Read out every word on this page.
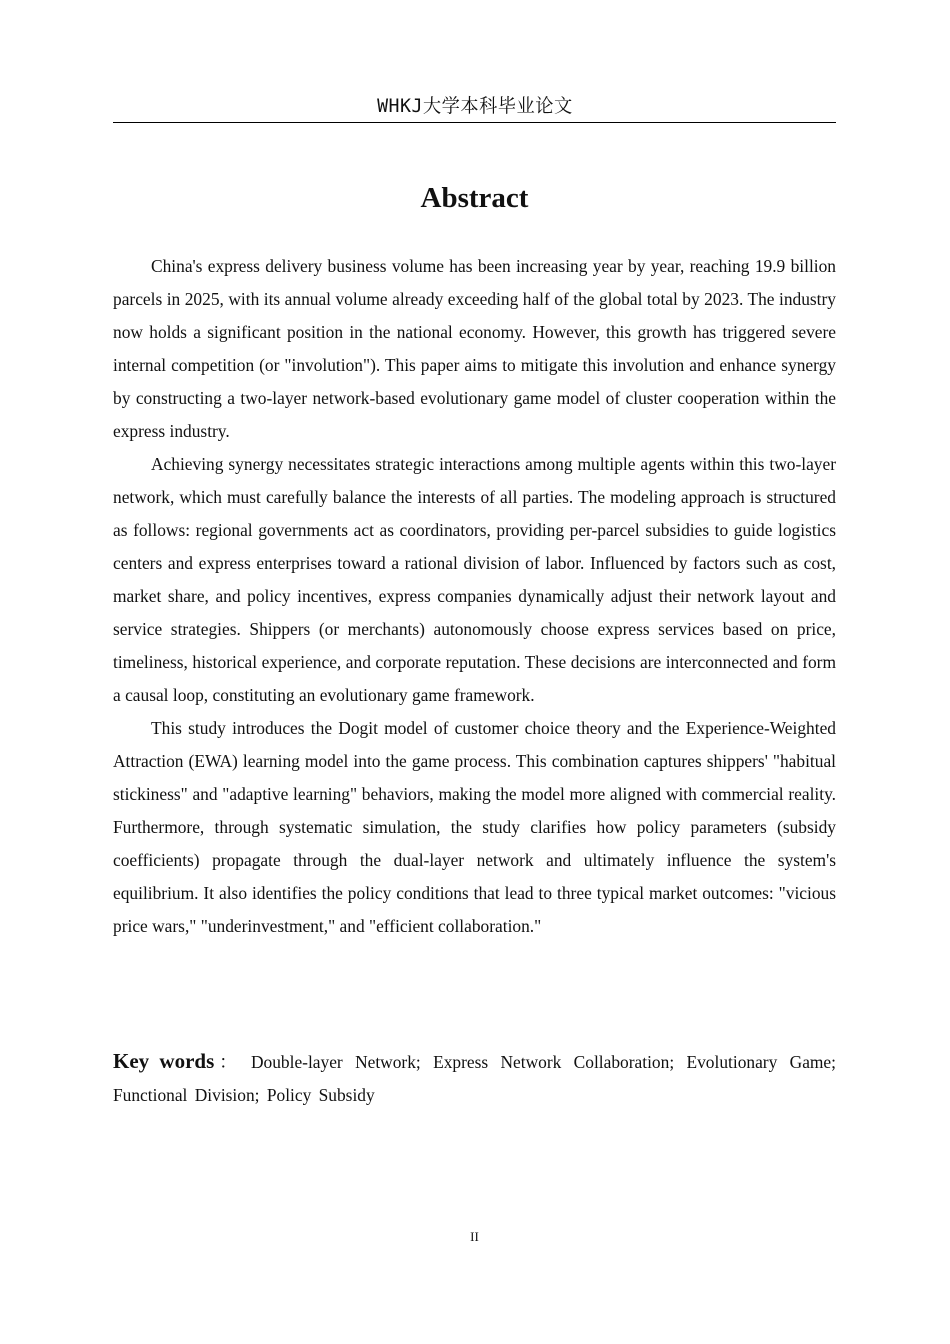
WHKJ大学本科毕业论文
Abstract

China's express delivery business volume has been increasing year by year, reaching 19.9 billion parcels in 2025, with its annual volume already exceeding half of the global total by 2023. The industry now holds a significant position in the national economy. However, this growth has triggered severe internal competition (or "involution"). This paper aims to mitigate this involution and enhance synergy by constructing a two-layer network-based evolutionary game model of cluster cooperation within the express industry.

Achieving synergy necessitates strategic interactions among multiple agents within this two-layer network, which must carefully balance the interests of all parties. The modeling approach is structured as follows: regional governments act as coordinators, providing per-parcel subsidies to guide logistics centers and express enterprises toward a rational division of labor. Influenced by factors such as cost, market share, and policy incentives, express companies dynamically adjust their network layout and service strategies. Shippers (or merchants) autonomously choose express services based on price, timeliness, historical experience, and corporate reputation. These decisions are interconnected and form a causal loop, constituting an evolutionary game framework.

This study introduces the Dogit model of customer choice theory and the Experience-Weighted Attraction (EWA) learning model into the game process. This combination captures shippers' "habitual stickiness" and "adaptive learning" behaviors, making the model more aligned with commercial reality. Furthermore, through systematic simulation, the study clarifies how policy parameters (subsidy coefficients) propagate through the dual-layer network and ultimately influence the system's equilibrium. It also identifies the policy conditions that lead to three typical market outcomes: "vicious price wars," "underinvestment," and "efficient collaboration."

Key words： Double-layer Network; Express Network Collaboration; Evolutionary Game; Functional Division; Policy Subsidy
II
